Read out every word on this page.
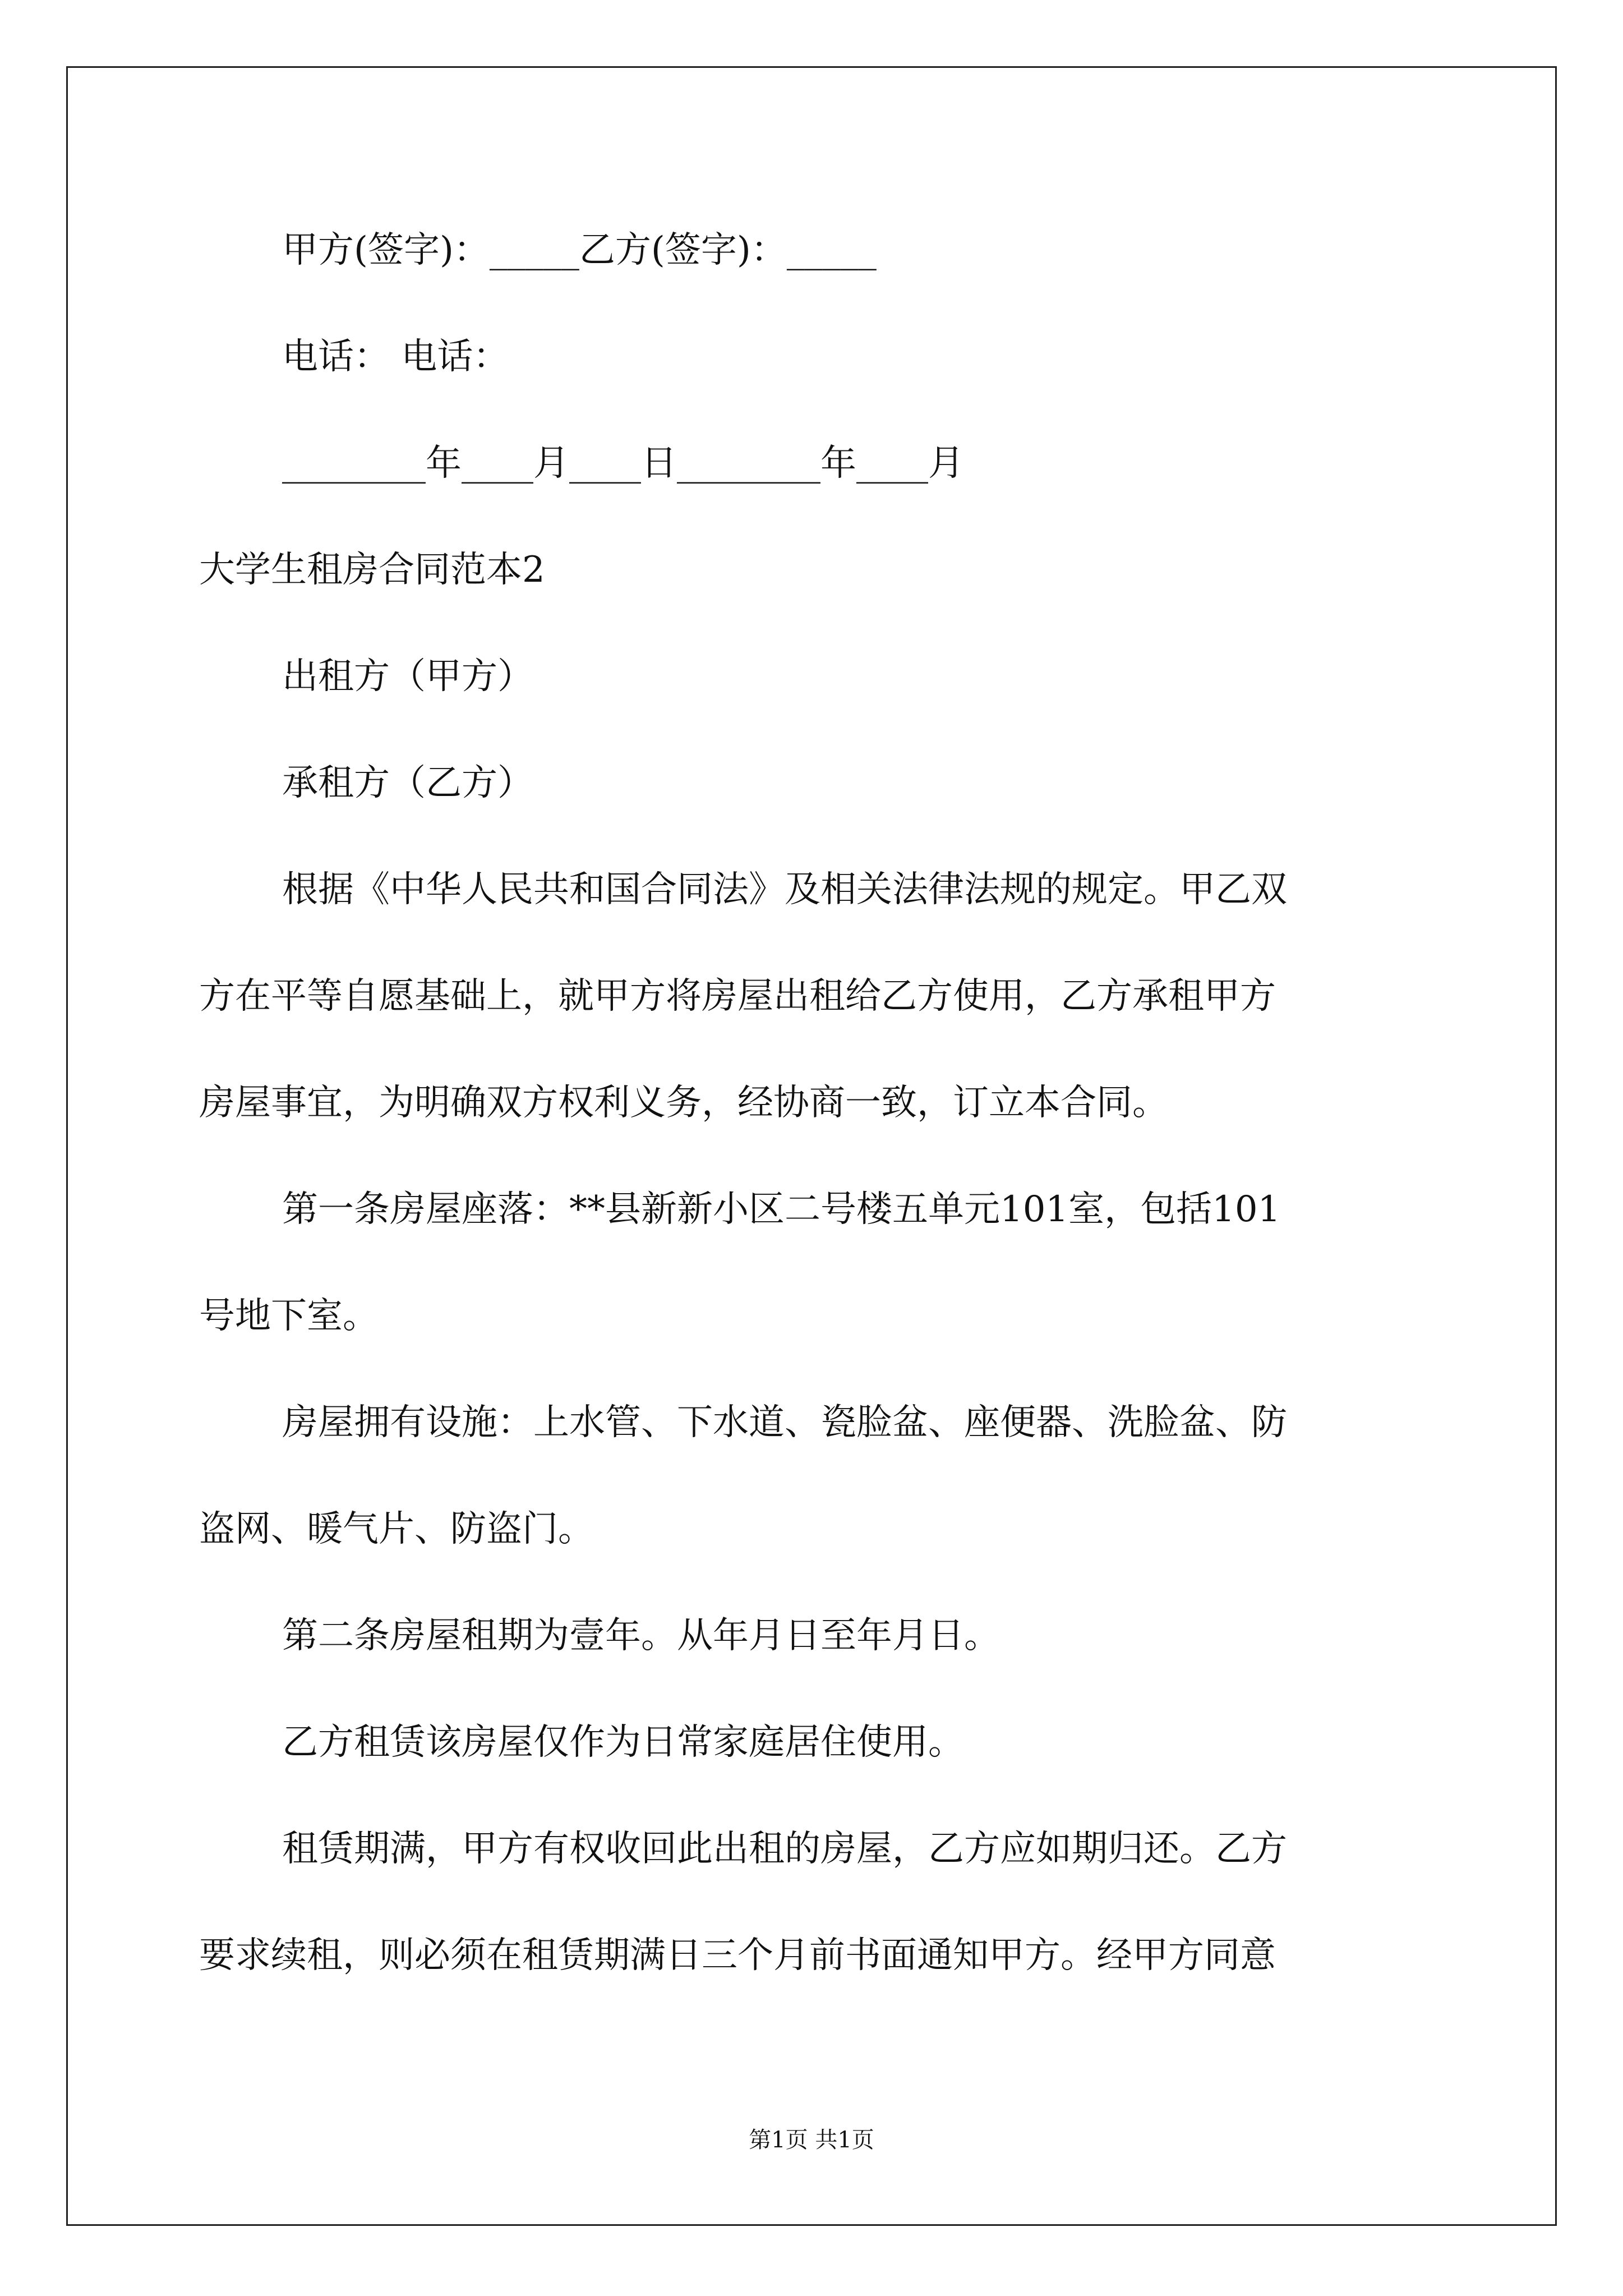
甲方(签字)：_____乙方(签字)：_____
电话： 电话：
________年____月____日________年____月
大学生租房合同范本2
出租方（甲方）
承租方（乙方）
根据《中华人民共和国合同法》及相关法律法规的规定。甲乙双
方在平等自愿基础上，就甲方将房屋出租给乙方使用，乙方承租甲方
房屋事宜，为明确双方权利义务，经协商一致，订立本合同。
第一条房屋座落：**县新新小区二号楼五单元101室，包括101
号地下室。
房屋拥有设施：上水管、下水道、瓷脸盆、座便器、洗脸盆、防
盗网、暖气片、防盗门。
第二条房屋租期为壹年。从年月日至年月日。
乙方租赁该房屋仅作为日常家庭居住使用。
租赁期满，甲方有权收回此出租的房屋，乙方应如期归还。乙方
要求续租，则必须在租赁期满日三个月前书面通知甲方。经甲方同意
第1页 共1页
